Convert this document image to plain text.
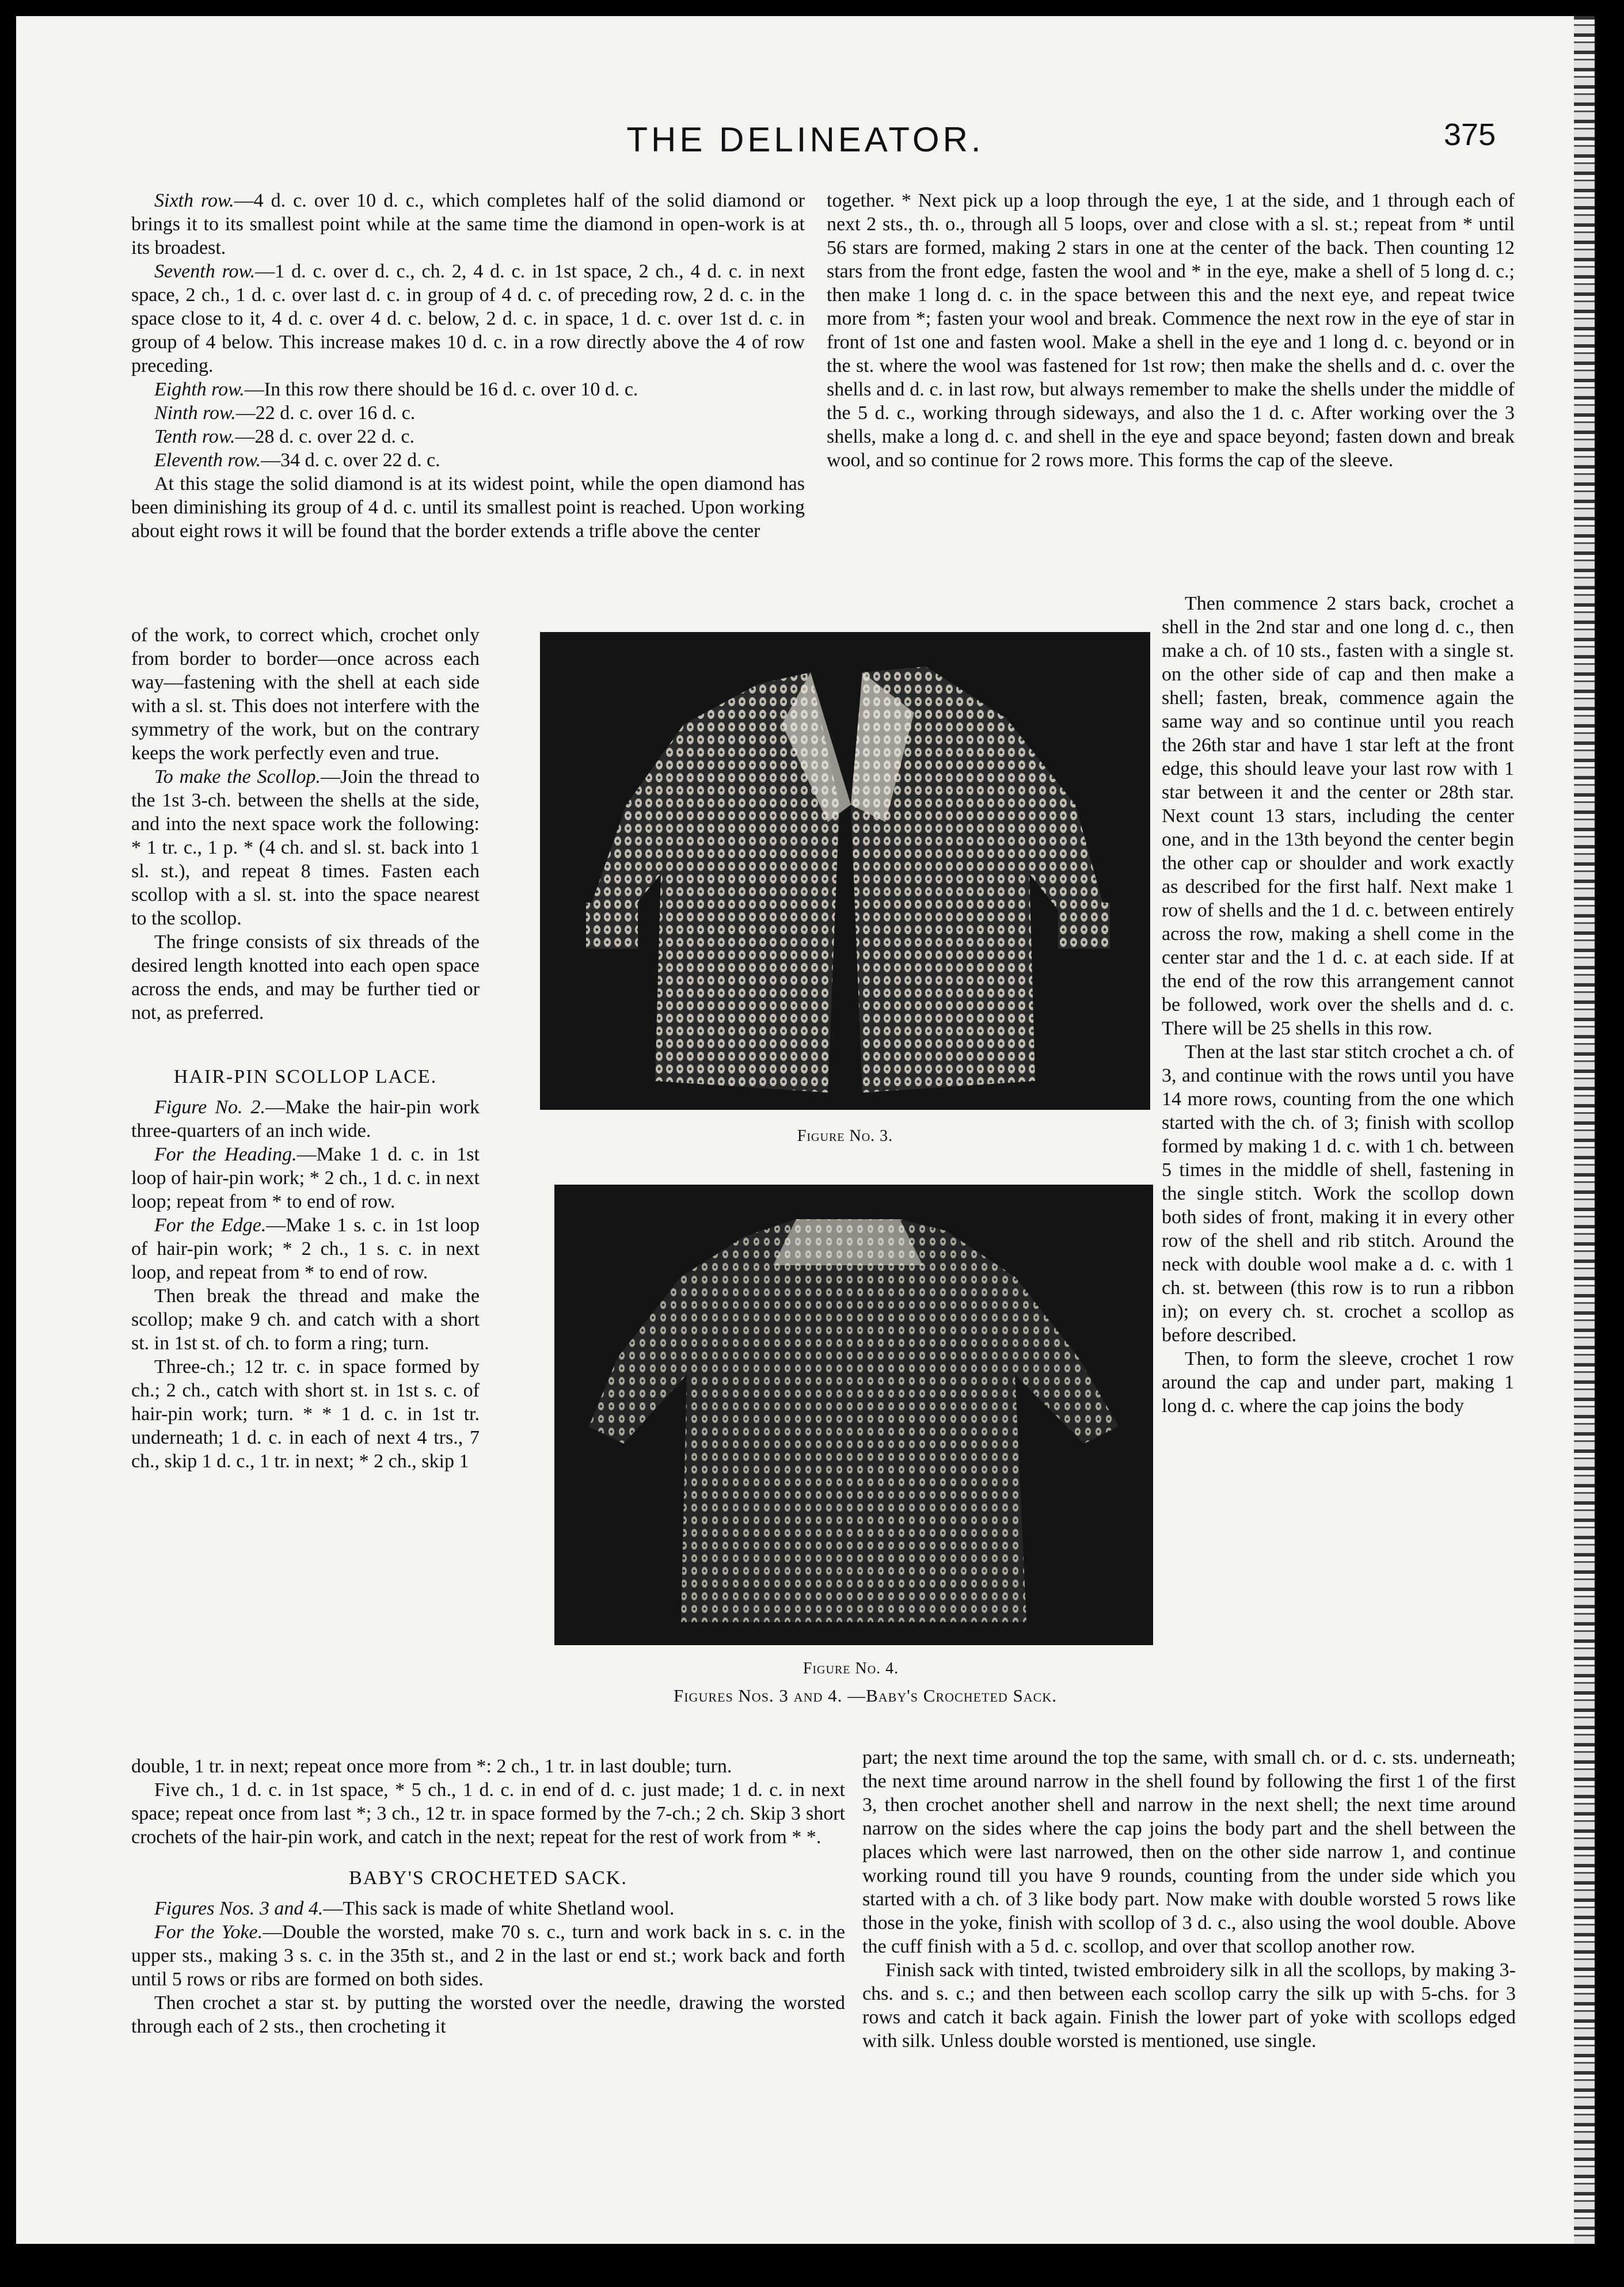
THE DELINEATOR.	375

Sixth row.—4 d. c. over 10 d. c., which completes half of the solid diamond or brings it to its smallest point while at the same time the diamond in open-work is at its broadest.

Seventh row.—1 d. c. over d. c., ch. 2, 4 d. c. in 1st space, 2 ch., 4 d. c. in next space, 2 ch., 1 d. c. over last d. c. in group of 4 d. c. of preceding row, 2 d. c. in the space close to it, 4 d. c. over 4 d. c. below, 2 d. c. in space, 1 d. c. over 1st d. c. in group of 4 below. This increase makes 10 d. c. in a row directly above the 4 of row preceding.

Eighth row.—In this row there should be 16 d. c. over 10 d. c.

Ninth row.—22 d. c. over 16 d. c.

Tenth row.—28 d. c. over 22 d. c.

Eleventh row.—34 d. c. over 22 d. c.

At this stage the solid diamond is at its widest point, while the open diamond has been diminishing its group of 4 d. c. until its smallest point is reached. Upon working about eight rows it will be found that the border extends a trifle above the center

of the work, to correct which, crochet only from border to border—once across each way—fastening with the shell at each side with a sl. st. This does not interfere with the symmetry of the work, but on the contrary keeps the work perfectly even and true.

To make the Scollop.—Join the thread to the 1st 3-ch. between the shells at the side, and into the next space work the following: * 1 tr. c., 1 p. * (4 ch. and sl. st. back into 1 sl. st.), and repeat 8 times. Fasten each scollop with a sl. st. into the space nearest to the scollop.

The fringe consists of six threads of the desired length knotted into each open space across the ends, and may be further tied or not, as preferred.

HAIR-PIN SCOLLOP LACE.

Figure No. 2.—Make the hair-pin work three-quarters of an inch wide.

For the Heading.—Make 1 d. c. in 1st loop of hair-pin work; * 2 ch., 1 d. c. in next loop; repeat from * to end of row.

For the Edge.—Make 1 s. c. in 1st loop of hair-pin work; * 2 ch., 1 s. c. in next loop, and repeat from * to end of row.

Then break the thread and make the scollop; make 9 ch. and catch with a short st. in 1st st. of ch. to form a ring; turn.

Three-ch.; 12 tr. c. in space formed by ch.; 2 ch., catch with short st. in 1st s. c. of hair-pin work; turn. * * 1 d. c. in 1st tr. underneath; 1 d. c. in each of next 4 trs., 7 ch., skip 1 d. c., 1 tr. in next; * 2 ch., skip 1

double, 1 tr. in next; repeat once more from *: 2 ch., 1 tr. in last double; turn.

Five ch., 1 d. c. in 1st space, * 5 ch., 1 d. c. in end of d. c. just made; 1 d. c. in next space; repeat once from last *; 3 ch., 12 tr. in space formed by the 7-ch.; 2 ch. Skip 3 short crochets of the hair-pin work, and catch in the next; repeat for the rest of work from * *.

BABY'S CROCHETED SACK.

Figures Nos. 3 and 4.—This sack is made of white Shetland wool.

For the Yoke.—Double the worsted, make 70 s. c., turn and work back in s. c. in the upper sts., making 3 s. c. in the 35th st., and 2 in the last or end st.; work back and forth until 5 rows or ribs are formed on both sides.

Then crochet a star st. by putting the worsted over the needle, drawing the worsted through each of 2 sts., then crocheting it

together. * Next pick up a loop through the eye, 1 at the side, and 1 through each of next 2 sts., th. o., through all 5 loops, over and close with a sl. st.; repeat from * until 56 stars are formed, making 2 stars in one at the center of the back. Then counting 12 stars from the front edge, fasten the wool and * in the eye, make a shell of 5 long d. c.; then make 1 long d. c. in the space between this and the next eye, and repeat twice more from *; fasten your wool and break. Commence the next row in the eye of star in front of 1st one and fasten wool. Make a shell in the eye and 1 long d. c. beyond or in the st. where the wool was fastened for 1st row; then make the shells and d. c. over the shells and d. c. in last row, but always remember to make the shells under the middle of the 5 d. c., working through sideways, and also the 1 d. c. After working over the 3 shells, make a long d. c. and shell in the eye and space beyond; fasten down and break wool, and so continue for 2 rows more. This forms the cap of the sleeve.

Then commence 2 stars back, crochet a shell in the 2nd star and one long d. c., then make a ch. of 10 sts., fasten with a single st. on the other side of cap and then make a shell; fasten, break, commence again the same way and so continue until you reach the 26th star and have 1 star left at the front edge, this should leave your last row with 1 star between it and the center or 28th star. Next count 13 stars, including the center one, and in the 13th beyond the center begin the other cap or shoulder and work exactly as described for the first half. Next make 1 row of shells and the 1 d. c. between entirely across the row, making a shell come in the center star and the 1 d. c. at each side. If at the end of the row this arrangement cannot be followed, work over the shells and d. c. There will be 25 shells in this row.

Then at the last star stitch crochet a ch. of 3, and continue with the rows until you have 14 more rows, counting from the one which started with the ch. of 3; finish with scollop formed by making 1 d. c. with 1 ch. between 5 times in the middle of shell, fastening in the single stitch. Work the scollop down both sides of front, making it in every other row of the shell and rib stitch. Around the neck with double wool make a d. c. with 1 ch. st. between (this row is to run a ribbon in); on every ch. st. crochet a scollop as before described.

Then, to form the sleeve, crochet 1 row around the cap and under part, making 1 long d. c. where the cap joins the body

part; the next time around the top the same, with small ch. or d. c. sts. underneath; the next time around narrow in the shell found by following the first 1 of the first 3, then crochet another shell and narrow in the next shell; the next time around narrow on the sides where the cap joins the body part and the shell between the places which were last narrowed, then on the other side narrow 1, and continue working round till you have 9 rounds, counting from the under side which you started with a ch. of 3 like body part. Now make with double worsted 5 rows like those in the yoke, finish with scollop of 3 d. c., also using the wool double. Above the cuff finish with a 5 d. c. scollop, and over that scollop another row.

Finish sack with tinted, twisted embroidery silk in all the scollops, by making 3-chs. and s. c.; and then between each scollop carry the silk up with 5-chs. for 3 rows and catch it back again. Finish the lower part of yoke with scollops edged with silk. Unless double worsted is mentioned, use single.

Figure No. 3.
Figure No. 4.
Figures Nos. 3 and 4. —Baby's Crocheted Sack.
